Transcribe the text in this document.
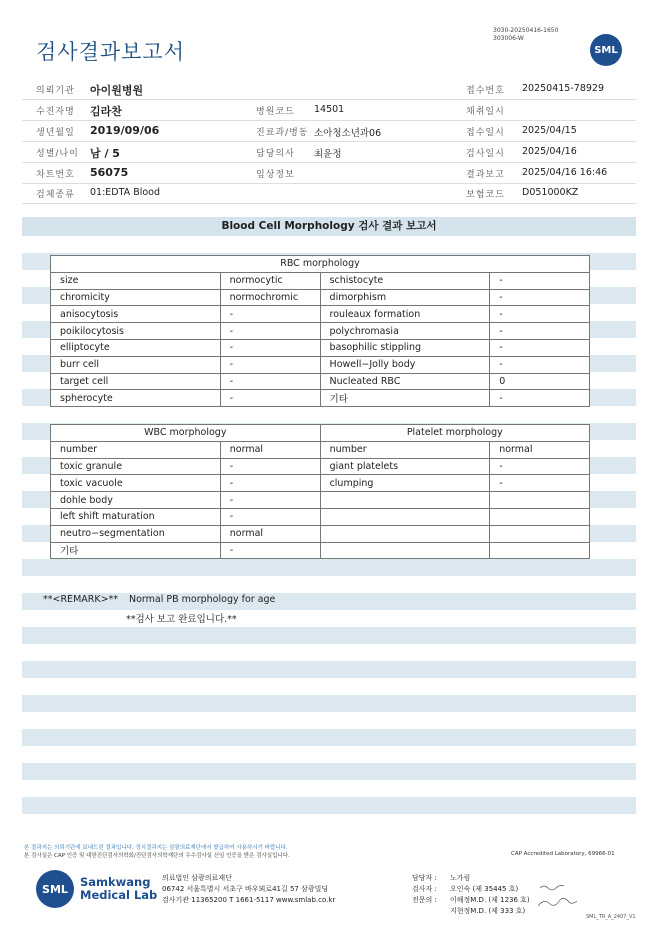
검사결과보고서
3030-20250416-1650
303006-W
SML
의뢰기관 아이원병원	접수번호 20250415-78929
수진자명 김라찬	병원코드 14501	채취일시
생년월일 2019/09/06	진료과/병동 소아청소년과06	접수일시 2025/04/15
성별/나이 남 / 5	담당의사 최윤정	검사일시 2025/04/16
차트번호 56075	임상정보	결과보고 2025/04/16 16:46
검체종류 01:EDTA Blood	보험코드 D051000KZ
Blood Cell Morphology 검사 결과 보고서
RBC morphology			
size	normocytic	schistocyte	-
chromicity	normochromic	dimorphism	-
anisocytosis	-	rouleaux formation	-
poikilocytosis	-	polychromasia	-
elliptocyte	-	basophilic stippling	-
burr cell	-	Howell−Jolly body	-
target cell	-	Nucleated RBC	0
spherocyte	-	기타	-
WBC morphology		Platelet morphology	
number	normal	number	normal
toxic granule	-	giant platelets	-
toxic vacuole	-	clumping	-
dohle body	-		
left shift maturation	-		
neutro−segmentation	normal		
기타	-		
**<REMARK>** Normal PB morphology for age
**검사 보고 완료입니다.**
본 결과지는 의뢰기관에 보내드린 결과입니다. 정식결과지는 삼광의료재단에서 발급하여 사용하시기 바랍니다.
본 검사실은 CAP 인증 및 대한진단검사의학회/진단검사의학재단의 우수검사실 신임 인증을 받은 검사실입니다.	CAP Accredited Laboratory, 69966-01
SML	Samkwang
Medical Lab
의료법인 삼광의료재단
06742 서울특별시 서초구 바우뫼로41길 57 삼광빌딩
검사기관 11365200 T 1661-5117 www.smlab.co.kr
담당자 :
검사자 :
전문의 :
노가림
오인숙 (제 35445 호)
이해정M.D. (제 1236 호)
지현정M.D. (제 333 호)
SML_TR_A_2407_V1
